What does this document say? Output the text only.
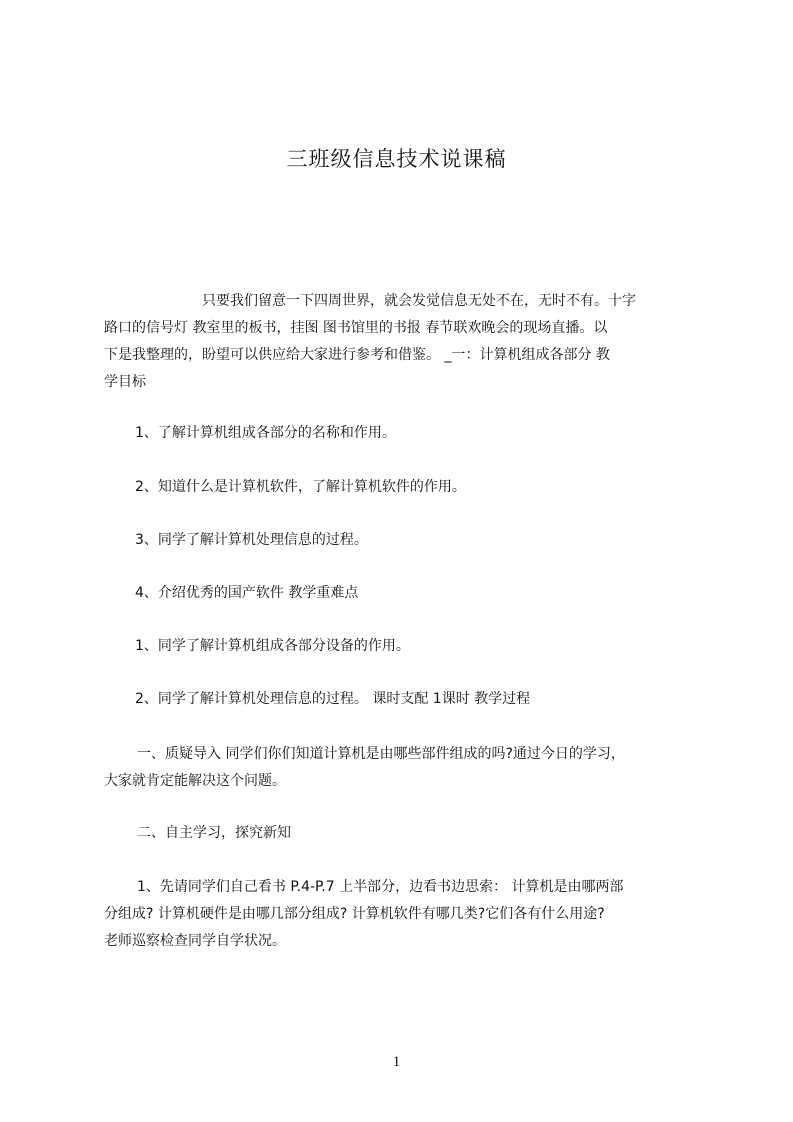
三班级信息技术说课稿
只要我们留意一下四周世界，就会发觉信息无处不在，无时不有。十字
路口的信号灯 教室里的板书，挂图 图书馆里的书报 春节联欢晚会的现场直播。以
下是我整理的，盼望可以供应给大家进行参考和借鉴。 _一：计算机组成各部分 教
学目标
1、了解计算机组成各部分的名称和作用。
2、知道什么是计算机软件，了解计算机软件的作用。
3、同学了解计算机处理信息的过程。
4、介绍优秀的国产软件 教学重难点
1、同学了解计算机组成各部分设备的作用。
2、同学了解计算机处理信息的过程。 课时支配 1课时 教学过程
一、质疑导入 同学们你们知道计算机是由哪些部件组成的吗?通过今日的学习，
大家就肯定能解决这个问题。
二、自主学习，探究新知
1、先请同学们自己看书 P.4-P.7 上半部分，边看书边思索： 计算机是由哪两部
分组成? 计算机硬件是由哪几部分组成? 计算机软件有哪几类?它们各有什么用途?
老师巡察检查同学自学状况。
1
